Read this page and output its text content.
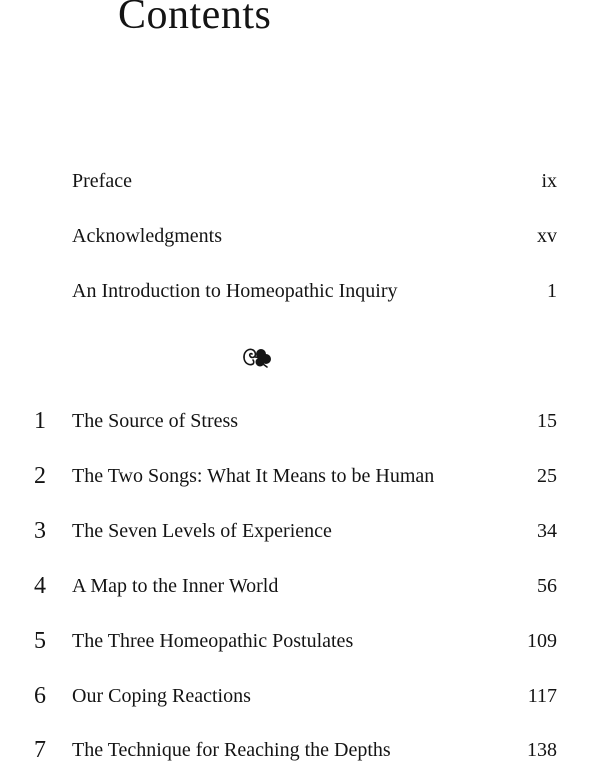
Contents
Preface	ix
Acknowledgments	xv
An Introduction to Homeopathic Inquiry	1
1 The Source of Stress	15
2 The Two Songs: What It Means to be Human	25
3 The Seven Levels of Experience	34
4 A Map to the Inner World	56
5 The Three Homeopathic Postulates	109
6 Our Coping Reactions	117
7 The Technique for Reaching the Depths	138
